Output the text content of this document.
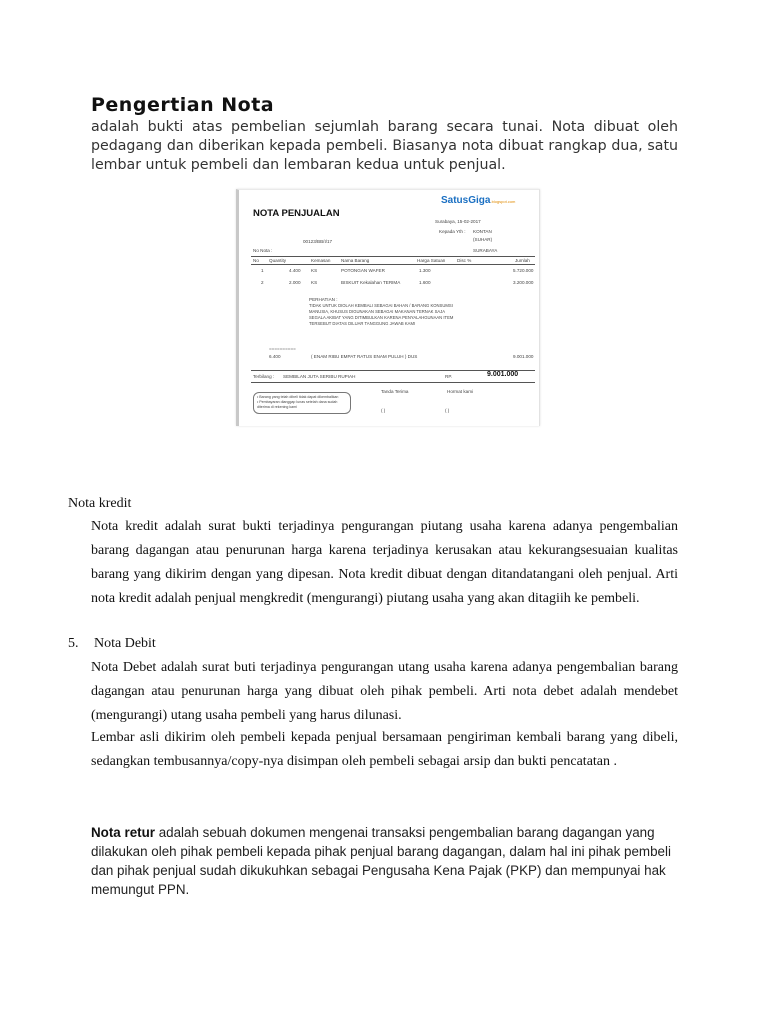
Pengertian Nota
adalah bukti atas pembelian sejumlah barang secara tunai. Nota dibuat oleh pedagang dan diberikan kepada pembeli. Biasanya nota dibuat rangkap dua, satu lembar untuk pembeli dan lembaran kedua untuk penjual.
SatusGiga.blogspot.com
NOTA PENJUALAN
Surabaya, 15-02-2017
Kepada Yth : KONTAN
(SUHAR)
00123/BB/I/17
No Nota :	SURABAYA
No Quantity	Kemasan Nama Barang	Harga Satuan	Disc %	Jumlah
1	4.400 KS	POTONGAN WAFER	1.300	5.720.000
2	2.000 KS	BISKUIT Kekalahan TERIMA	1.600	3.200.000
PERHATIAN :
TIDAK UNTUK DIOLAH KEMBALI SEBAGAI BAHAN / BARANG KONSUMSI
MANUSIA, KHUSUS DIGUNAKAN SEBAGAI MAKANAN TERNAK SAJA
SEGALA AKIBAT YANG DITIMBULKAN KARENA PENYALAHGUNAAN ITEM
TERSEBUT DIATAS DILUAR TANGGUNG JAWAB KAMI
==========
6.400	( ENAM RIBU EMPAT RATUS ENAM PULUH ) DUS	9.001.000
Terbilang : SEMBILAN JUTA SERIBU RUPIAH	RP.	9.001.000
• Barang yang telah dibeli tidak dapat dikembalikan
• Pembayaran dianggap lunas setelah dana sudah
diterima di rekening kami
Tanda Terima	Hormat kami
( )	( )
Nota kredit
Nota kredit adalah surat bukti terjadinya pengurangan piutang usaha karena adanya pengembalian barang dagangan atau penurunan harga karena terjadinya kerusakan atau kekurangsesuaian kualitas barang yang dikirim dengan yang dipesan. Nota kredit dibuat dengan ditandatangani oleh penjual. Arti nota kredit adalah penjual mengkredit (mengurangi) piutang usaha yang akan ditagiih ke pembeli.
5. Nota Debit
Nota Debet adalah surat buti terjadinya pengurangan utang usaha karena adanya pengembalian barang dagangan atau penurunan harga yang dibuat oleh pihak pembeli. Arti nota debet adalah mendebet (mengurangi) utang usaha pembeli yang harus dilunasi.
Lembar asli dikirim oleh pembeli kepada penjual bersamaan pengiriman kembali barang yang dibeli, sedangkan tembusannya/copy-nya disimpan oleh pembeli sebagai arsip dan bukti pencatatan .
Nota retur adalah sebuah dokumen mengenai transaksi pengembalian barang dagangan yang dilakukan oleh pihak pembeli kepada pihak penjual barang dagangan, dalam hal ini pihak pembeli dan pihak penjual sudah dikukuhkan sebagai Pengusaha Kena Pajak (PKP) dan mempunyai hak memungut PPN.
